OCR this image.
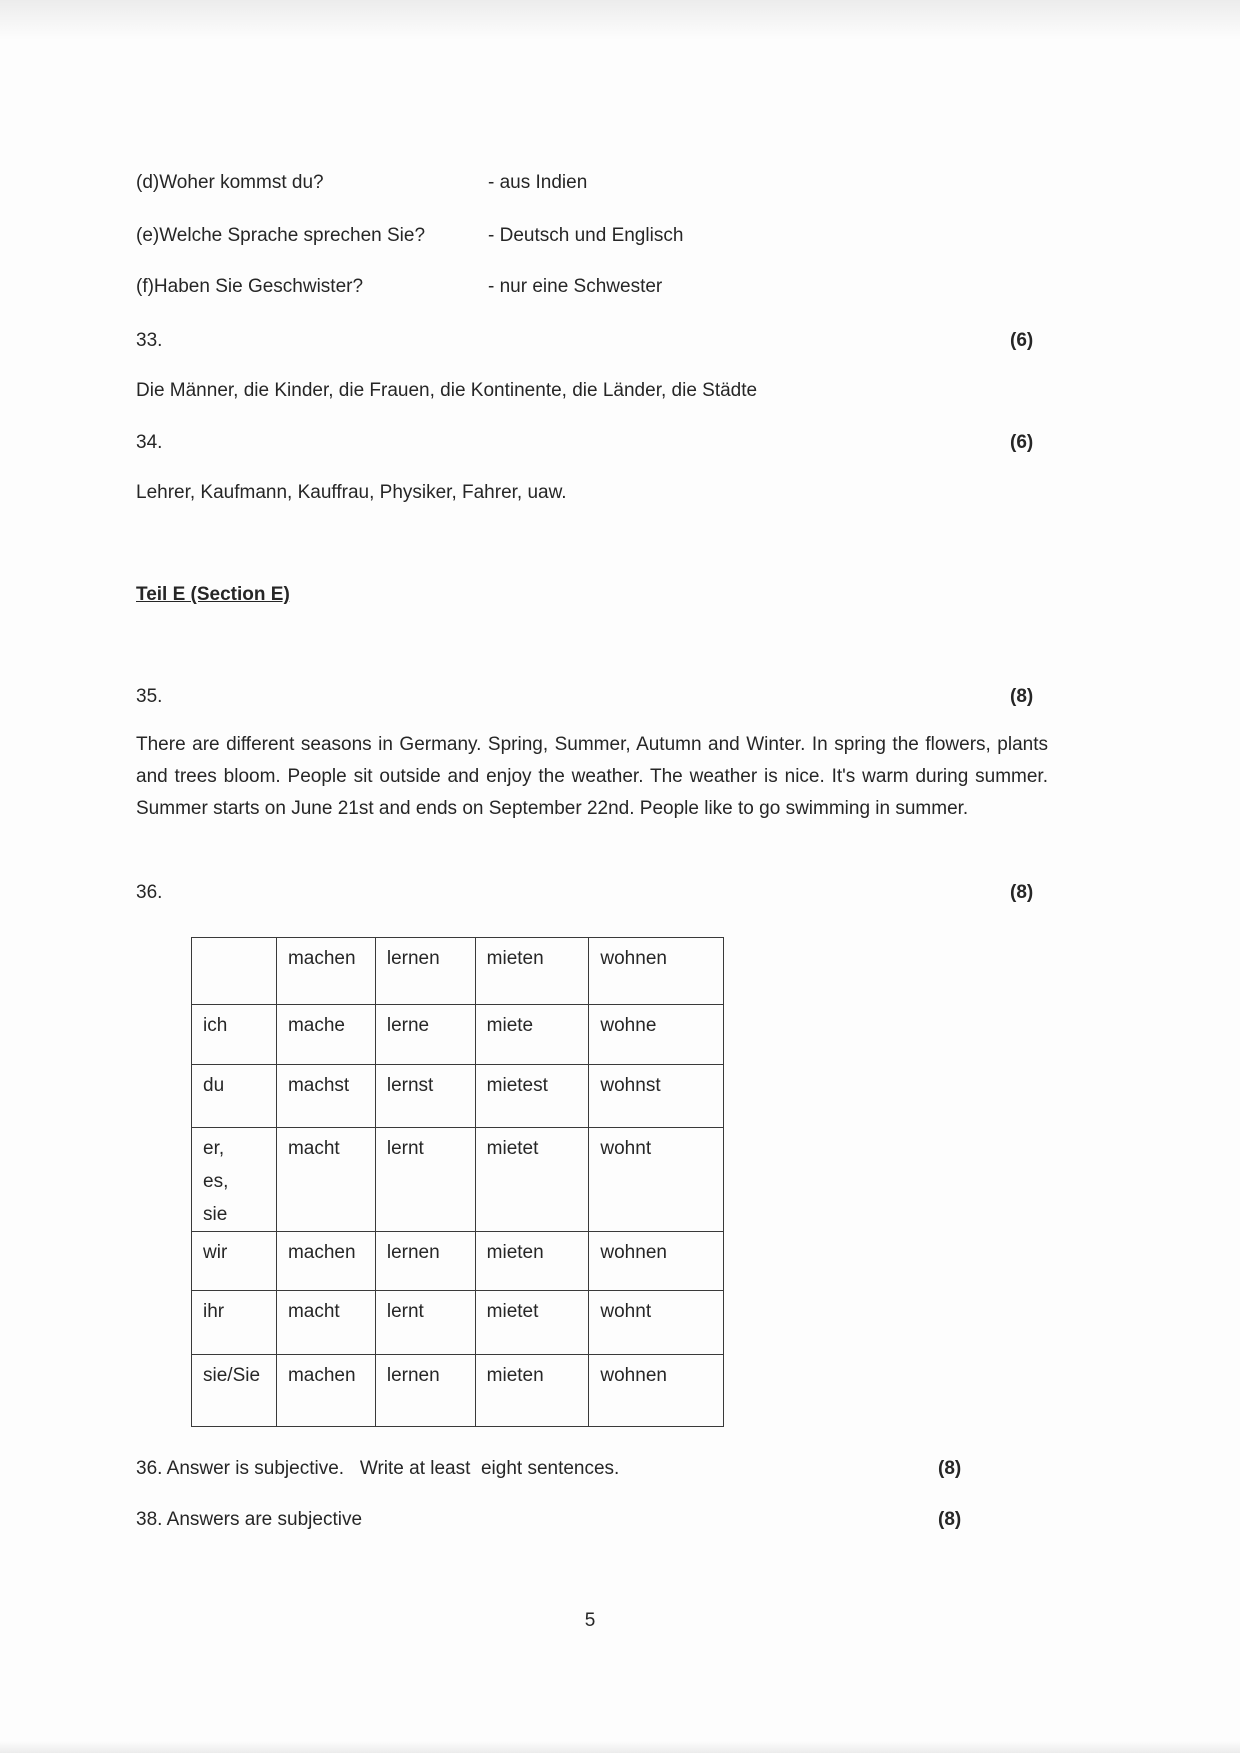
(d)Woher kommst du?	- aus Indien
(e)Welche Sprache sprechen Sie?	- Deutsch und Englisch
(f)Haben Sie Geschwister?	- nur eine Schwester
33.	(6)
Die Männer, die Kinder, die Frauen, die Kontinente, die Länder, die Städte
34.	(6)
Lehrer, Kaufmann, Kauffrau, Physiker, Fahrer, uaw.
Teil E (Section E)
35.	(8)
There are different seasons in Germany. Spring, Summer, Autumn and Winter. In spring the flowers, plants and trees bloom. People sit outside and enjoy the weather. The weather is nice. It's warm during summer. Summer starts on June 21st and ends on September 22nd. People like to go swimming in summer.
36.	(8)
	machen	lernen	mieten	wohnen
ich	mache	lerne	miete	wohne
du	machst	lernst	mietest	wohnst
er, es, sie	macht	lernt	mietet	wohnt
wir	machen	lernen	mieten	wohnen
ihr	macht	lernt	mietet	wohnt
sie/Sie	machen	lernen	mieten	wohnen
36. Answer is subjective.   Write at least  eight sentences.	(8)
38. Answers are subjective	(8)
5
